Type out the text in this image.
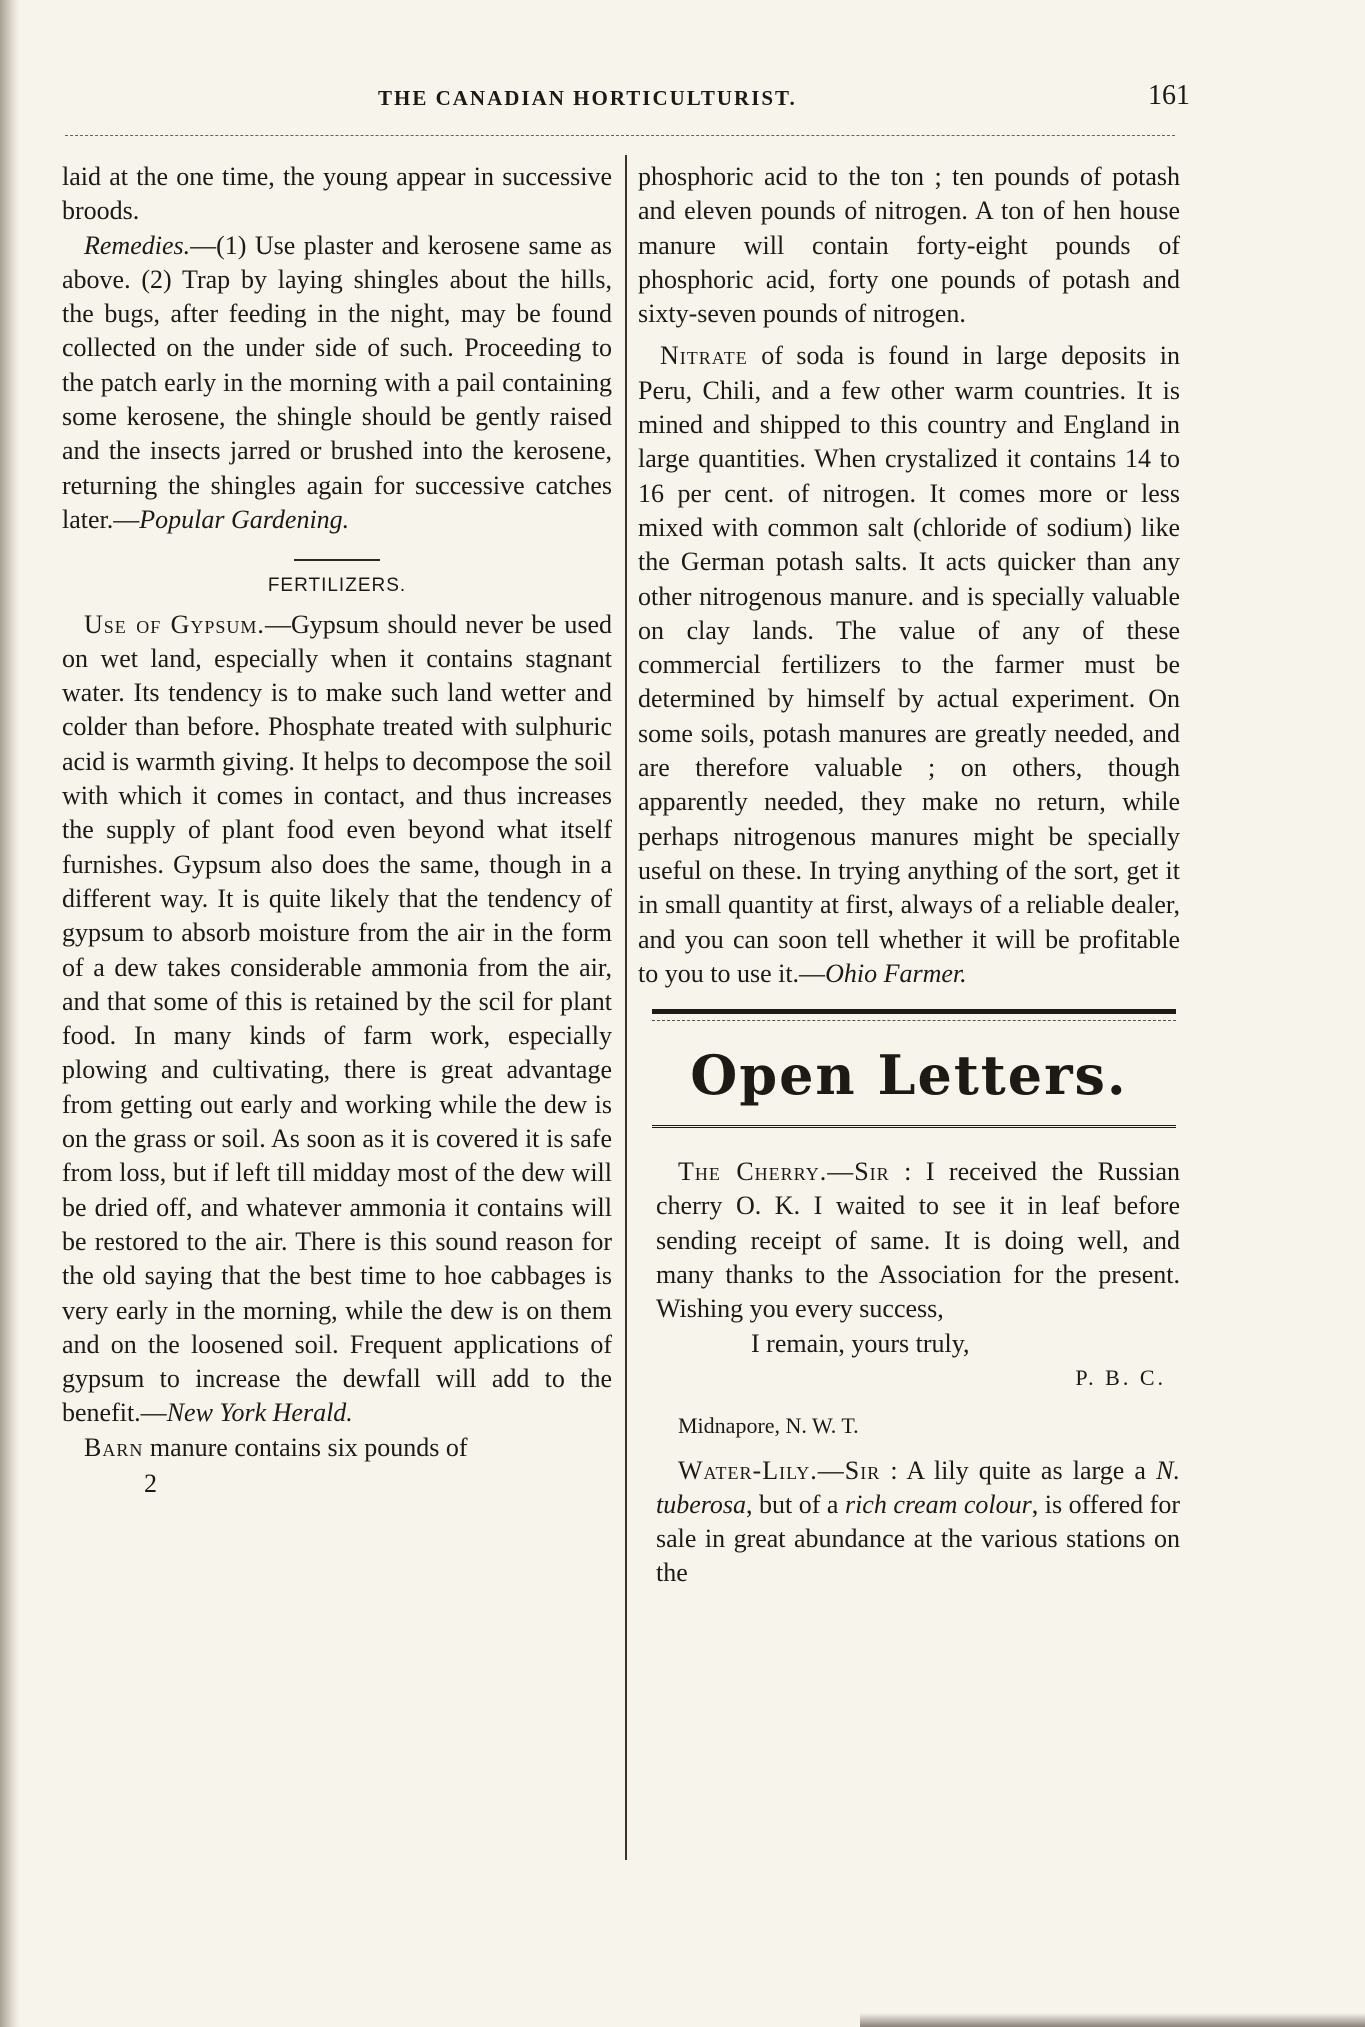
THE CANADIAN HORTICULTURIST.	161

laid at the one time, the young appear in successive broods.

Remedies.—(1) Use plaster and kerosene same as above. (2) Trap by laying shingles about the hills, the bugs, after feeding in the night, may be found collected on the under side of such. Proceeding to the patch early in the morning with a pail containing some kerosene, the shingle should be gently raised and the insects jarred or brushed into the kerosene, returning the shingles again for successive catches later.—Popular Gardening.

FERTILIZERS.

Use of Gypsum.—Gypsum should never be used on wet land, especially when it contains stagnant water. Its tendency is to make such land wetter and colder than before. Phosphate treated with sulphuric acid is warmth giving. It helps to decompose the soil with which it comes in contact, and thus increases the supply of plant food even beyond what itself furnishes. Gypsum also does the same, though in a different way. It is quite likely that the tendency of gypsum to absorb moisture from the air in the form of a dew takes considerable ammonia from the air, and that some of this is retained by the scil for plant food. In many kinds of farm work, especially plowing and cultivating, there is great advantage from getting out early and working while the dew is on the grass or soil. As soon as it is covered it is safe from loss, but if left till midday most of the dew will be dried off, and whatever ammonia it contains will be restored to the air. There is this sound reason for the old saying that the best time to hoe cabbages is very early in the morning, while the dew is on them and on the loosened soil. Frequent applications of gypsum to increase the dewfall will add to the benefit.—New York Herald.

Barn manure contains six pounds of

2

phosphoric acid to the ton ; ten pounds of potash and eleven pounds of nitrogen. A ton of hen house manure will contain forty-eight pounds of phosphoric acid, forty one pounds of potash and sixty-seven pounds of nitrogen.

Nitrate of soda is found in large deposits in Peru, Chili, and a few other warm countries. It is mined and shipped to this country and England in large quantities. When crystalized it contains 14 to 16 per cent. of nitrogen. It comes more or less mixed with common salt (chloride of sodium) like the German potash salts. It acts quicker than any other nitrogenous manure. and is specially valuable on clay lands. The value of any of these commercial fertilizers to the farmer must be determined by himself by actual experiment. On some soils, potash manures are greatly needed, and are therefore valuable ; on others, though apparently needed, they make no return, while perhaps nitrogenous manures might be specially useful on these. In trying anything of the sort, get it in small quantity at first, always of a reliable dealer, and you can soon tell whether it will be profitable to you to use it.—Ohio Farmer.

Open Letters.

The Cherry.—Sir : I received the Russian cherry O. K. I waited to see it in leaf before sending receipt of same. It is doing well, and many thanks to the Association for the present. Wishing you every success,

I remain, yours truly,

P. B. C.

Midnapore, N. W. T.

Water-Lily.—Sir : A lily quite as large a N. tuberosa, but of a rich cream colour, is offered for sale in great abundance at the various stations on the
